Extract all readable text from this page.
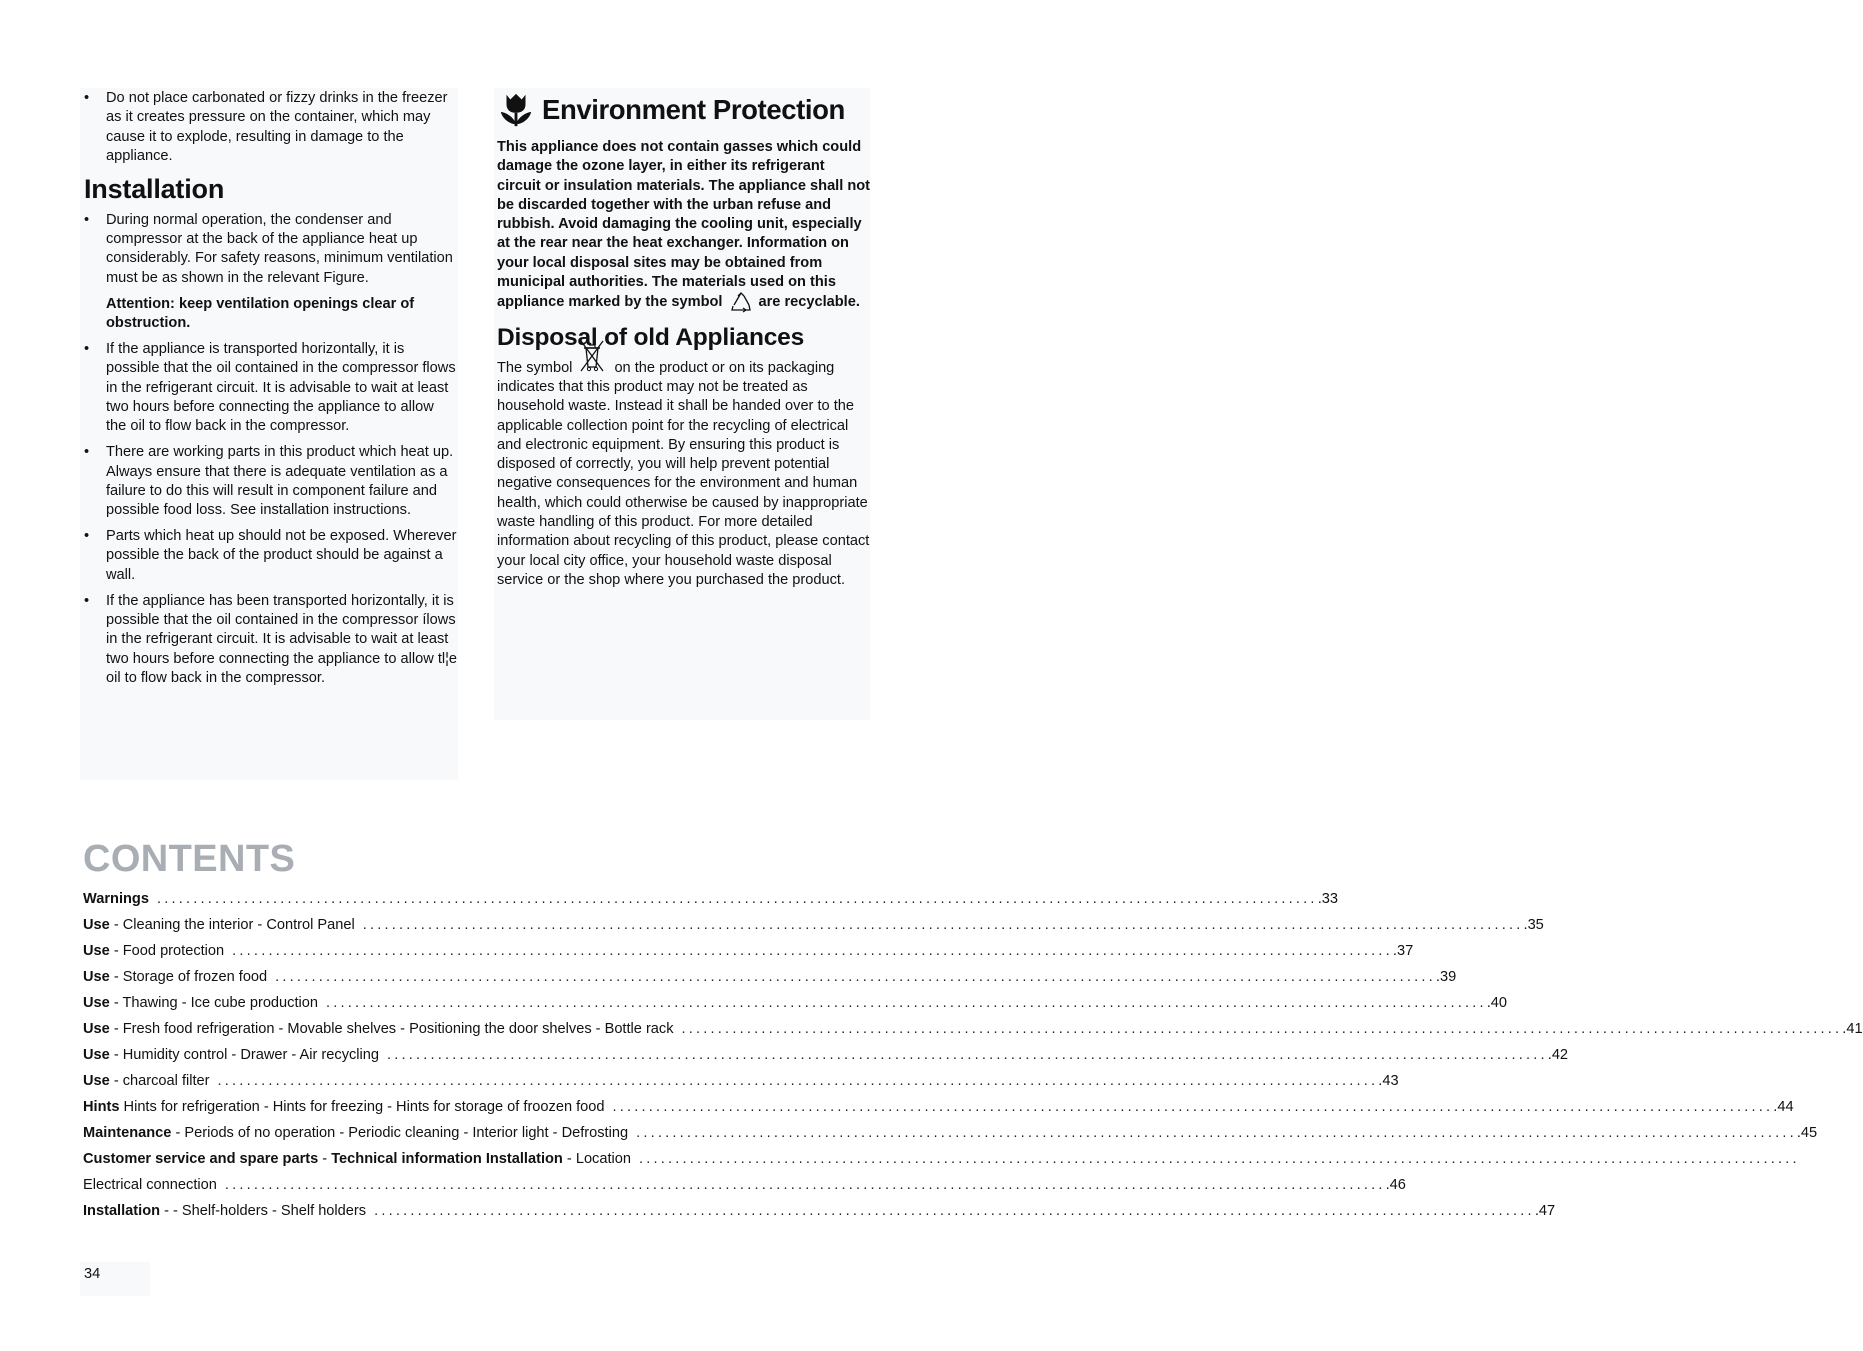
• Do not place carbonated or fizzy drinks in the freezer as it creates pressure on the container, which may cause it to explode, resulting in damage to the appliance.
Installation
• During normal operation, the condenser and compressor at the back of the appliance heat up considerably. For safety reasons, minimum ventilation must be as shown in the relevant Figure.

Attention: keep ventilation openings clear of obstruction.

• If the appliance is transported horizontally, it is possible that the oil contained in the compressor flows in the refrigerant circuit. It is advisable to wait at least two hours before connecting the appliance to allow the oil to flow back in the compressor.
• There are working parts in this product which heat up. Always ensure that there is adequate ventilation as a failure to do this will result in component failure and possible food loss. See installation instructions.
• Parts which heat up should not be exposed. Wherever possible the back of the product should be against a wall.
• If the appliance has been transported horizontally, it is possible that the oil contained in the compressor ílows in the refrigerant circuit. It is advisable to wait at least two hours before connecting the appliance to allow tl¦e oil to flow back in the compressor.
Environment Protection

This appliance does not contain gasses which could damage the ozone layer, in either its refrigerant circuit or insulation materials. The appliance shall not be discarded together with the urban refuse and rubbish. Avoid damaging the cooling unit, especially at the rear near the heat exchanger. Information on your local disposal sites may be obtained from municipal authorities. The materials used on this appliance marked by the symbol are recyclable.

Disposal of old Appliances

The symbol	on the product or on its packaging indicates that this product may not be treated as household waste. Instead it shall be handed over to the applicable collection point for the recycling of electrical and electronic equipment. By ensuring this product is disposed of correctly, you will help prevent potential negative consequences for the environment and human health, which could otherwise be caused by inappropriate waste handling of this product. For more detailed information about recycling of this product, please contact your local city office, your household waste disposal service or the shop where you purchased the product.

CONTENTS
Warnings ................................................................................................................................................................ .33
Use - Cleaning the interior - Control Panel ................................................................................................................................................................ .35
Use - Food protection ................................................................................................................................................................ .37
Use - Storage of frozen food ................................................................................................................................................................ .39
Use - Thawing - Ice cube production ................................................................................................................................................................ .40
Use - Fresh food refrigeration - Movable shelves - Positioning the door shelves - Bottle rack ................................................................................................................................................................ .41
Use - Humidity control - Drawer - Air recycling ................................................................................................................................................................ .42
Use - charcoal filter ................................................................................................................................................................ .43
Hints Hints for refrigeration - Hints for freezing - Hints for storage of froozen food ................................................................................................................................................................ .44
Maintenance - Periods of no operation - Periodic cleaning - Interior light - Defrosting ................................................................................................................................................................ .45
Customer service and spare parts - Technical information Installation - Location ................................................................................................................................................................
Electrical connection ................................................................................................................................................................ .46
Installation - - Shelf-holders - Shelf holders ................................................................................................................................................................ .47
34
